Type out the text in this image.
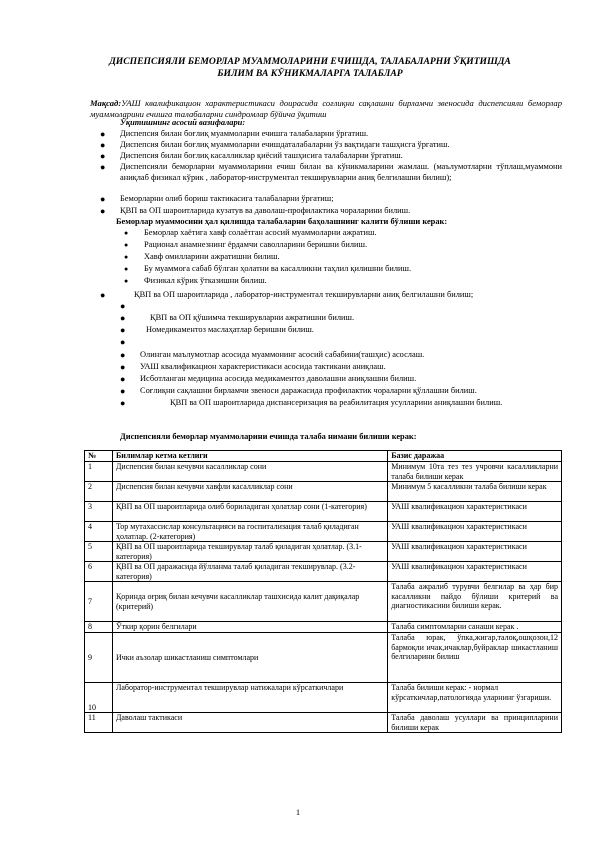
ДИСПЕПСИЯЛИ БЕМОРЛАР МУАММОЛАРИНИ ЕЧИШДА, ТАЛАБАЛАРНИ ЎҚИТИШДА
БИЛИМ ВА КЎНИКМАЛАРГА ТАЛАБЛАР
Мақсад:УАШ квалификацион характеристикаси доирасида соғлиқни сақлашни бирламчи звеносида диспепсияли беморлар муаммоларини ечишга талабаларни синдромлар бўйича ўқитиш
Ўқитишнинг асосий вазифалари:
● Диспепсия билан боғлиқ муаммоларни ечишга талабаларни ўргатиш.
● Диспепсия билан боғлиқ муаммоларни ечишдаталабаларни ўз вақтидаги ташҳисга ўргатиш.
● Диспепсия билан боғлиқ касалликлар қиёсий ташҳисига талабаларни ўргатиш.
● Диспепсияли беморларни муаммоларини ечиш билан ва кўникмаларини жамлаш. (маълумотларни тўплаш,муаммони аниқлаб физикал кўрик , лаборатор-инструментал текширувларни аниқ белгилашни билиш);
● Беморларни олиб бориш тактикасига талабаларни ўргатиш;
● ҚВП ва ОП шароитларида кузатув ва даволаш-профилактика чораларини билиш.
Беморлар муаммосини ҳал қилишда талабаларни баҳолашнинг калити бўлиши керак:
● Беморлар хаётига хавф солаётган асосий муаммоларни ажратиш.
● Рационал анамнезнинг ёрдамчи саволларини беришни билиш.
● Хавф омилларини ажратишни билиш.
● Бу муаммога сабаб бўлган ҳолатни ва касалликни таҳлил қилишни билиш.
● Физикал кўрик ўтказишни билиш.
●	ҚВП ва ОП шароитларида , лаборатор-инструментал текширувларни аниқ белгилашни билиш;
●
●	ҚВП ва ОП қўшимча текширувларни ажратишни билиш.
● Номедикаментоз маслаҳатлар беришни билиш.
●
● Олинган маълумотлар асосида муаммонинг асосий сабабини(ташҳис) асослаш.
● УАШ квалификацион характеристикаси асосида тактикани аниқлаш.
● Исботланган медицина асосида медикаментоз даволашни аниқлашни билиш.
● Соғлиқни сақлашни бирламчи звеноси даражасида профилактик чораларни қўллашни билиш.
●	ҚВП ва ОП шароитларида диспансеризация ва реабилитация усулларини аниқлашни билиш.
Диспепсияли беморлар муаммоларини ечишда талаба нимани билиши керак:
№	Билимлар кетма кетлиги	Базис даражаа
1	Диспепсия билан кечувчи касалликлар сони	Минимум 10та тез тез учровчи касалликларни талаба билиши керак
2	Диспепсия билан кечувчи хавфли касалликлар сони	Минимум 5 касалликни талаба билиши керак
3	ҚВП ва ОП шароитларида олиб бориладиган ҳолатлар сони (1-категория)	УАШ квалификацион характеристикаси
4	Тор мутахассислар консультацияси ва госпитализация талаб қиладиган ҳолатлар. (2-категория)	УАШ квалификацион характеристикаси
5	ҚВП ва ОП шароитларида текширувлар талаб қиладиган ҳолатлар. (3.1-категория)	УАШ квалификацион характеристикаси
6	ҚВП ва ОП даражасида йўлланма талаб қиладиган текширувлар. (3.2-категория)	УАШ квалификацион характеристикаси
7	Қоринда оғриқ билан кечувчи касалликлар ташхисида калит дақиқалар (критерий)	Талаба ажралиб турувчи белгилар ва ҳар бир касалликни пайдо бўлиши критерий ва диагностикасини билиши керак.
8	Ўткир қорин белгилари	Талаба симптомларни санаши керак .
9	Ички аъзолар шикастланиш симптомлари	Талаба юрак, ўпка,жигар,талоқ,ошқозон,12 бармоқли ичак,ичаклар,буйраклар шикастланиш белгиларини билиш
10	Лаборатор-инструментал текширувлар натижалари кўрсаткичлари	Талаба билиши керак: - нормал кўрсаткичлар,патологияда уларнинг ўзгариши.
11	Даволаш тактикаси	Талаба даволаш усуллари ва принципларини билиши керак
1
